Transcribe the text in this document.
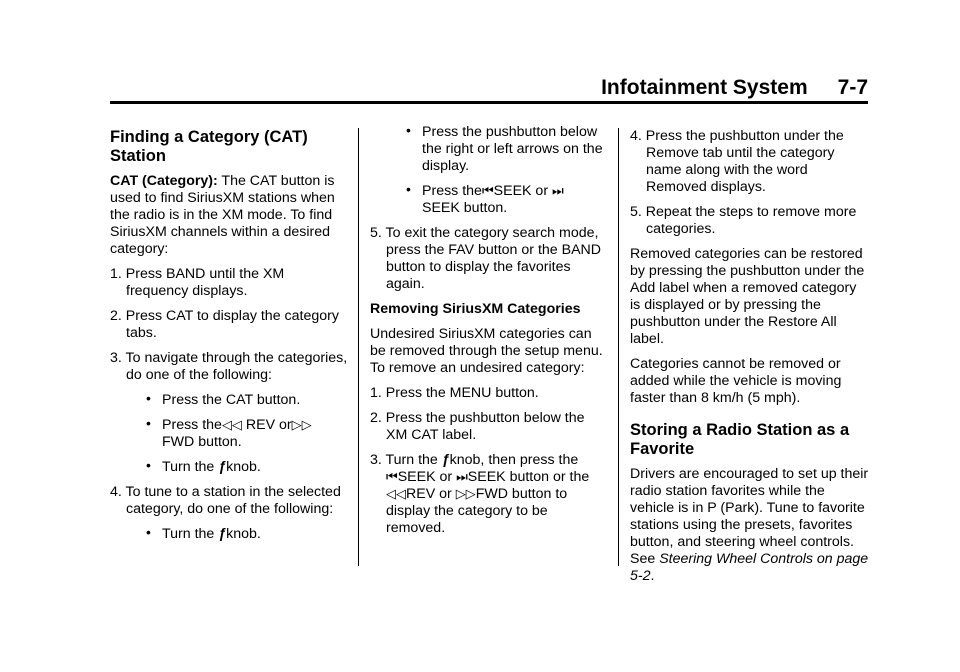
Infotainment System 7-7
Finding a Category (CAT) Station

CAT (Category): The CAT button is used to find SiriusXM stations when the radio is in the XM mode. To find SiriusXM channels within a desired category:

1. Press BAND until the XM frequency displays.

2. Press CAT to display the category tabs.

3. To navigate through the categories, do one of the following:

• Press the CAT button.

• Press the◁◁ REV or▷▷
FWD button.

• Turn the ƒknob.

4. To tune to a station in the selected category, do one of the following:

• Turn the ƒknob.

• Press the pushbutton below the right or left arrows on the display.

• Press the⏮SEEK or ⏭
SEEK button.

5. To exit the category search mode, press the FAV button or the BAND button to display the favorites again.

Removing SiriusXM Categories

Undesired SiriusXM categories can be removed through the setup menu. To remove an undesired category:

1. Press the MENU button.

2. Press the pushbutton below the XM CAT label.

3. Turn the ƒknob, then press the ⏮SEEK or ⏭SEEK button or the ◁◁REV or ▷▷FWD button to display the category to be removed.

4. Press the pushbutton under the Remove tab until the category name along with the word Removed displays.

5. Repeat the steps to remove more categories.

Removed categories can be restored by pressing the pushbutton under the Add label when a removed category is displayed or by pressing the pushbutton under the Restore All label.

Categories cannot be removed or added while the vehicle is moving faster than 8 km/h (5 mph).

Storing a Radio Station as a Favorite

Drivers are encouraged to set up their radio station favorites while the vehicle is in P (Park). Tune to favorite stations using the presets, favorites button, and steering wheel controls. See Steering Wheel Controls on page 5-2.
